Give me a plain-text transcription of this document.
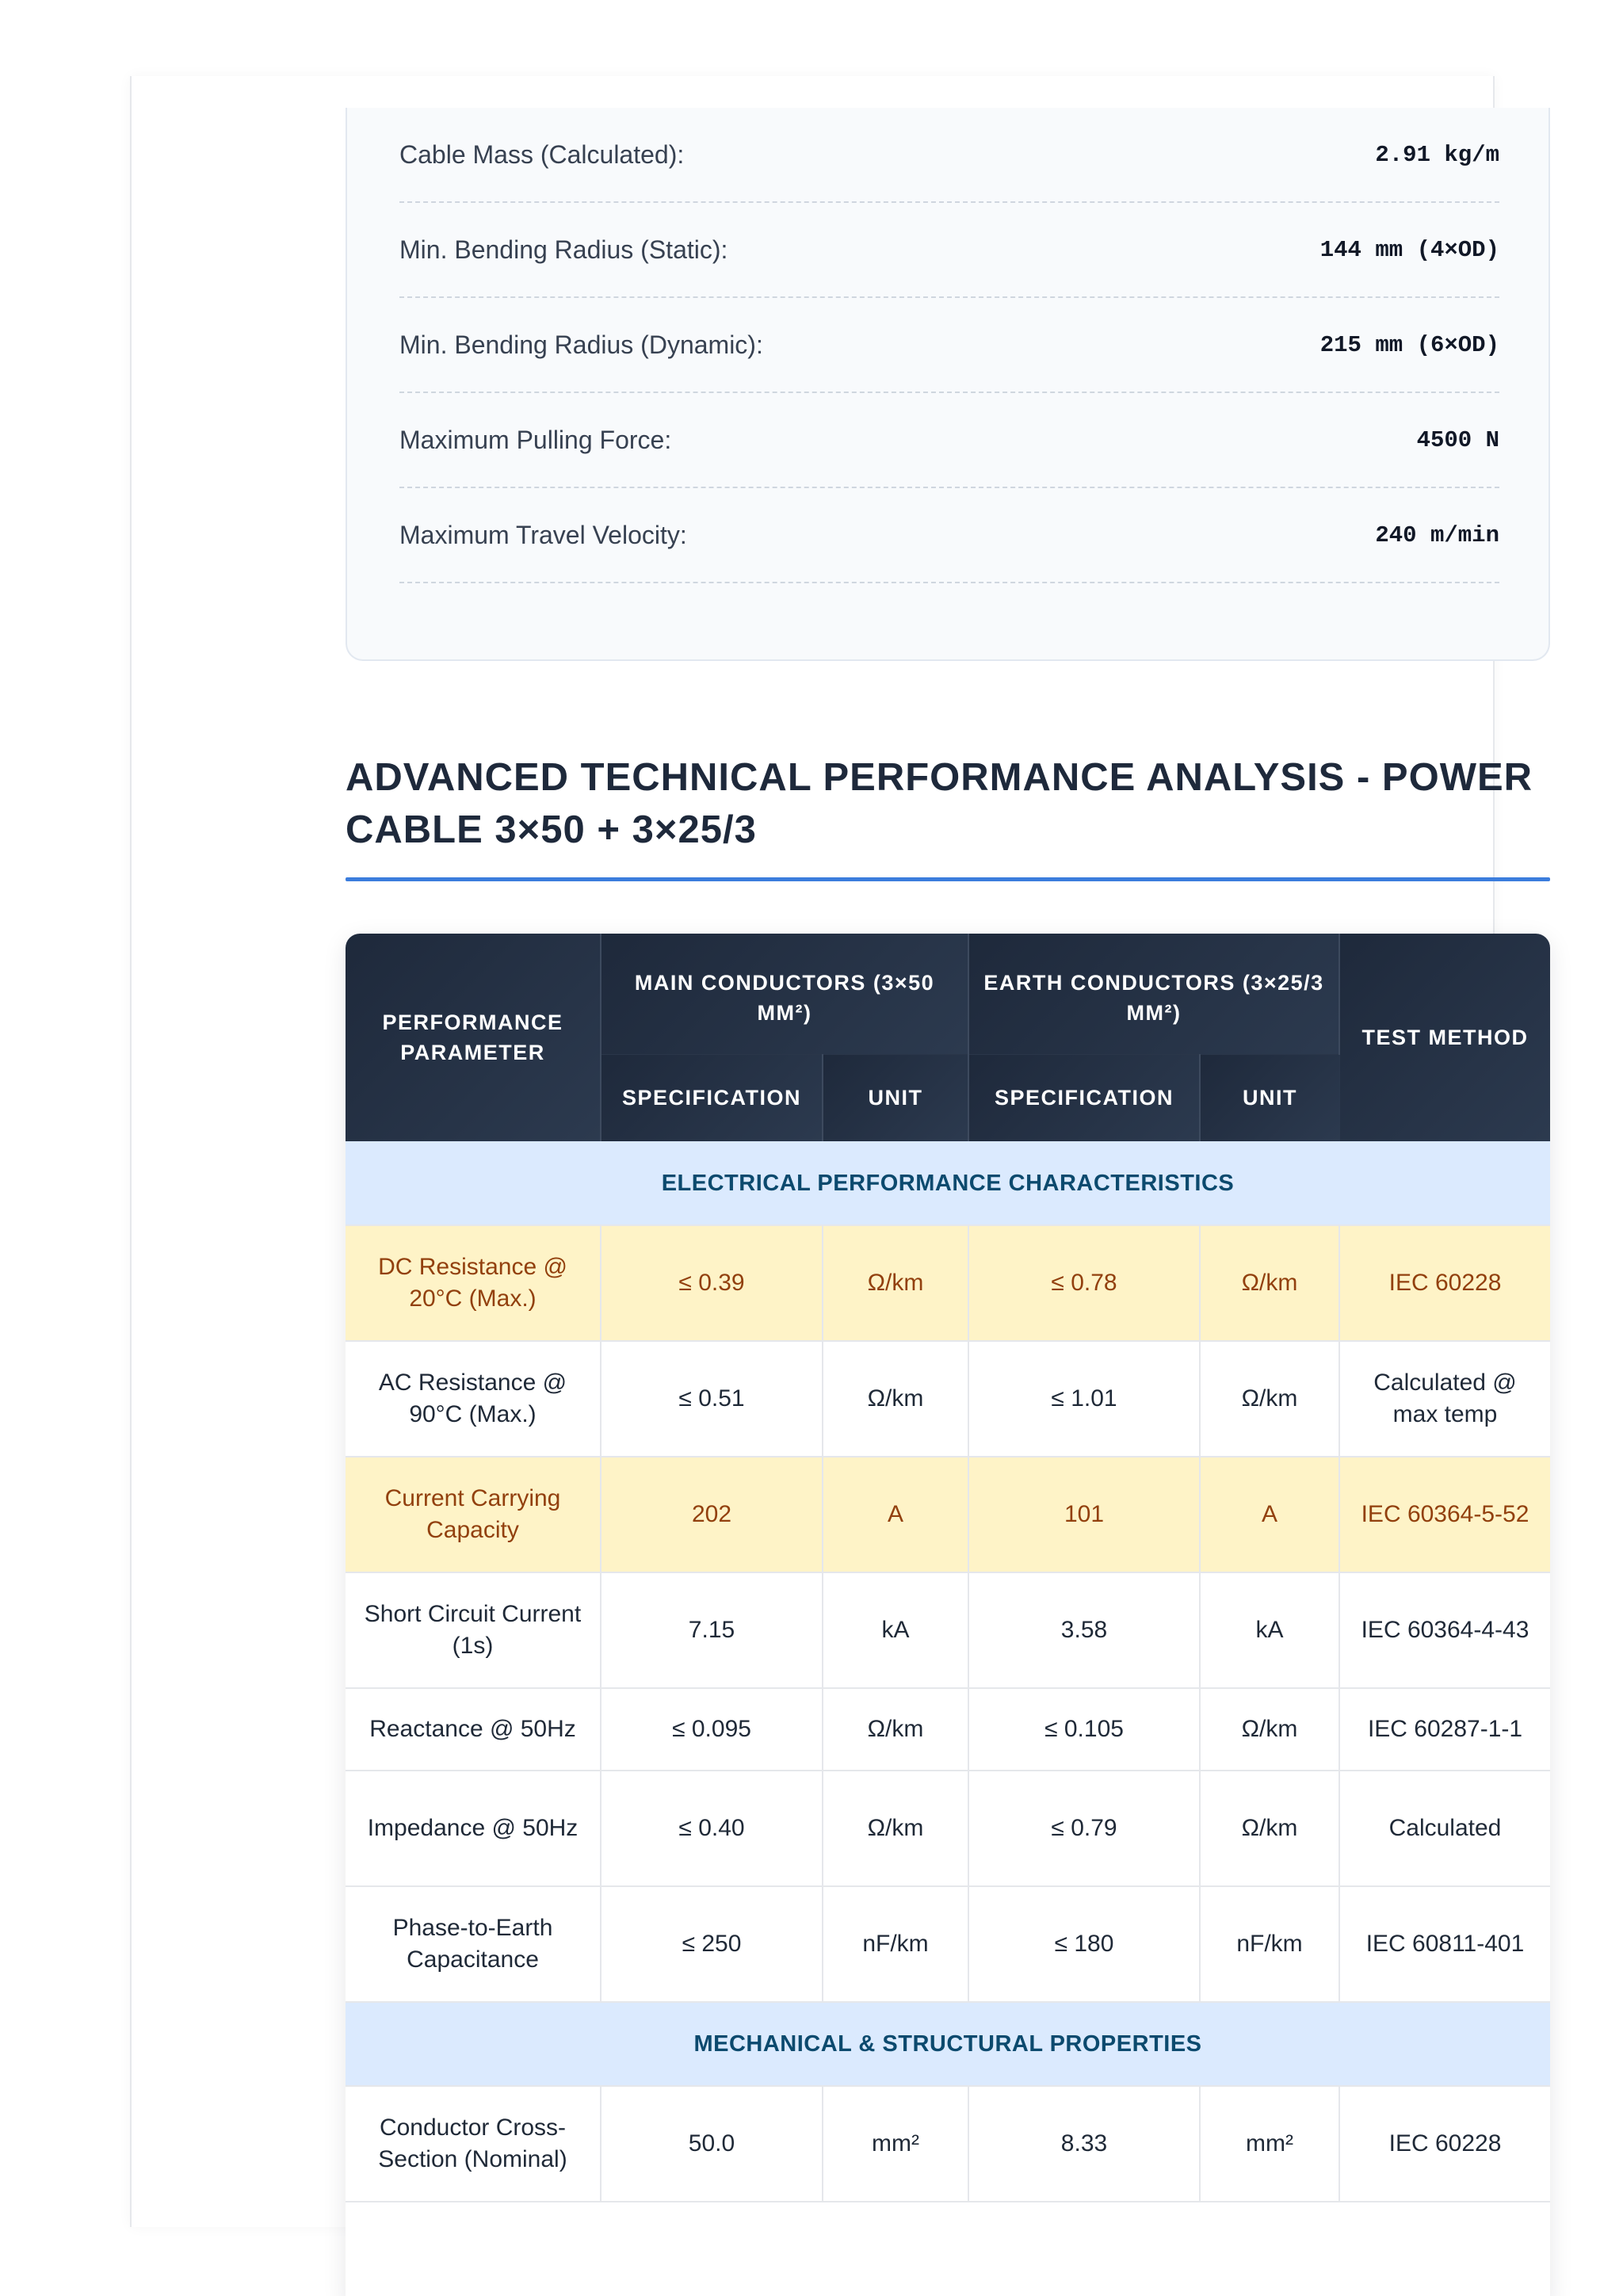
Cable Mass (Calculated):	2.91 kg/m
Min. Bending Radius (Static):	144 mm (4×OD)
Min. Bending Radius (Dynamic):	215 mm (6×OD)
Maximum Pulling Force:	4500 N
Maximum Travel Velocity:	240 m/min
ADVANCED TECHNICAL PERFORMANCE ANALYSIS - POWER CABLE 3×50 + 3×25/3
PERFORMANCE PARAMETER	MAIN CONDUCTORS (3×50 MM²)		EARTH CONDUCTORS (3×25/3 MM²)		TEST METHOD
	SPECIFICATION	UNIT	SPECIFICATION	UNIT	
ELECTRICAL PERFORMANCE CHARACTERISTICS					
DC Resistance @ 20°C (Max.)	≤ 0.39	Ω/km	≤ 0.78	Ω/km	IEC 60228
AC Resistance @ 90°C (Max.)	≤ 0.51	Ω/km	≤ 1.01	Ω/km	Calculated @ max temp
Current Carrying Capacity	202	A	101	A	IEC 60364-5-52
Short Circuit Current (1s)	7.15	kA	3.58	kA	IEC 60364-4-43
Reactance @ 50Hz	≤ 0.095	Ω/km	≤ 0.105	Ω/km	IEC 60287-1-1
Impedance @ 50Hz	≤ 0.40	Ω/km	≤ 0.79	Ω/km	Calculated
Phase-to-Earth Capacitance	≤ 250	nF/km	≤ 180	nF/km	IEC 60811-401
MECHANICAL & STRUCTURAL PROPERTIES					
Conductor Cross-Section (Nominal)	50.0	mm²	8.33	mm²	IEC 60228
